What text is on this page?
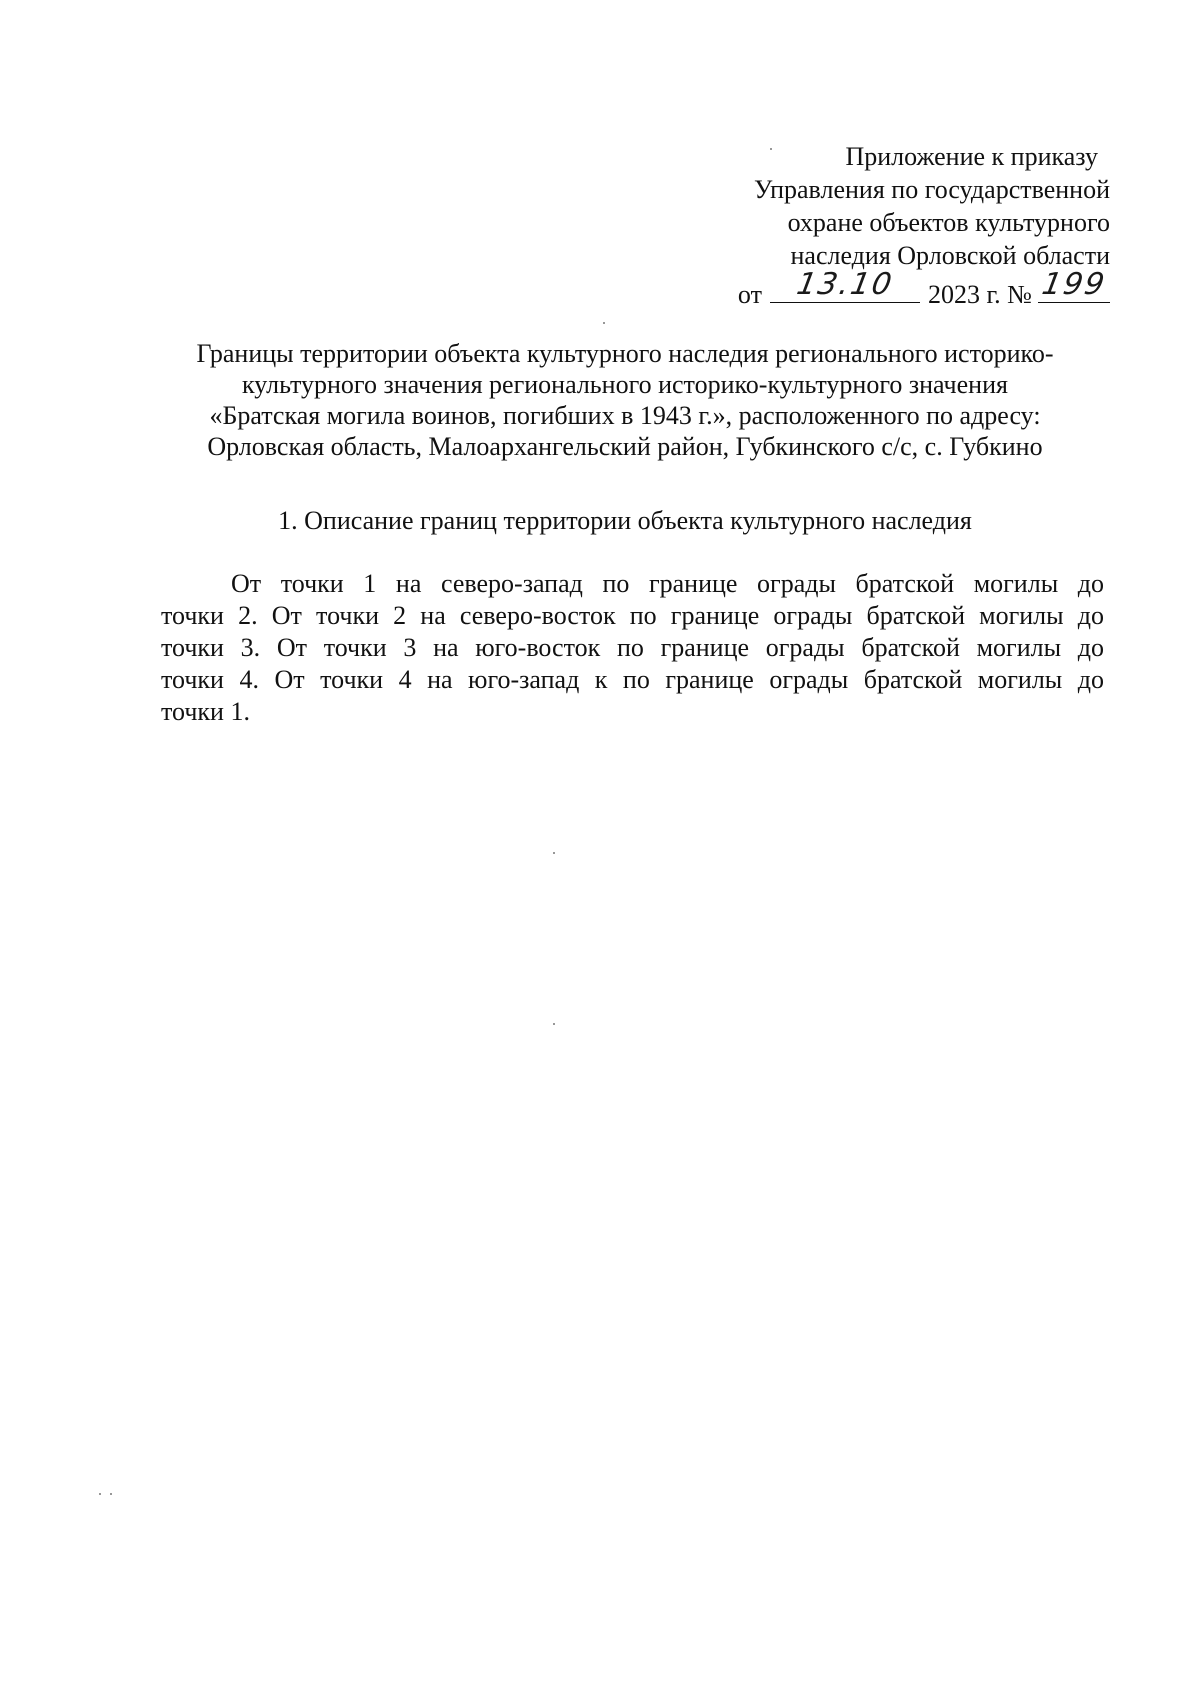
Приложение к приказу
Управления по государственной
охране объектов культурного
наследия Орловской области
от	13.10	2023 г. № 199
Границы территории объекта культурного наследия регионального историко-
культурного значения регионального историко-культурного значения
«Братская могила воинов, погибших в 1943 г.», расположенного по адресу:
Орловская область, Малоархангельский район, Губкинского с/с, с. Губкино
1. Описание границ территории объекта культурного наследия
От точки 1 на северо-запад по границе ограды братской могилы до
точки 2. От точки 2 на северо-восток по границе ограды братской могилы до
точки 3. От точки 3 на юго-восток по границе ограды братской могилы до
точки 4. От точки 4 на юго-запад к по границе ограды братской могилы до
точки 1.
